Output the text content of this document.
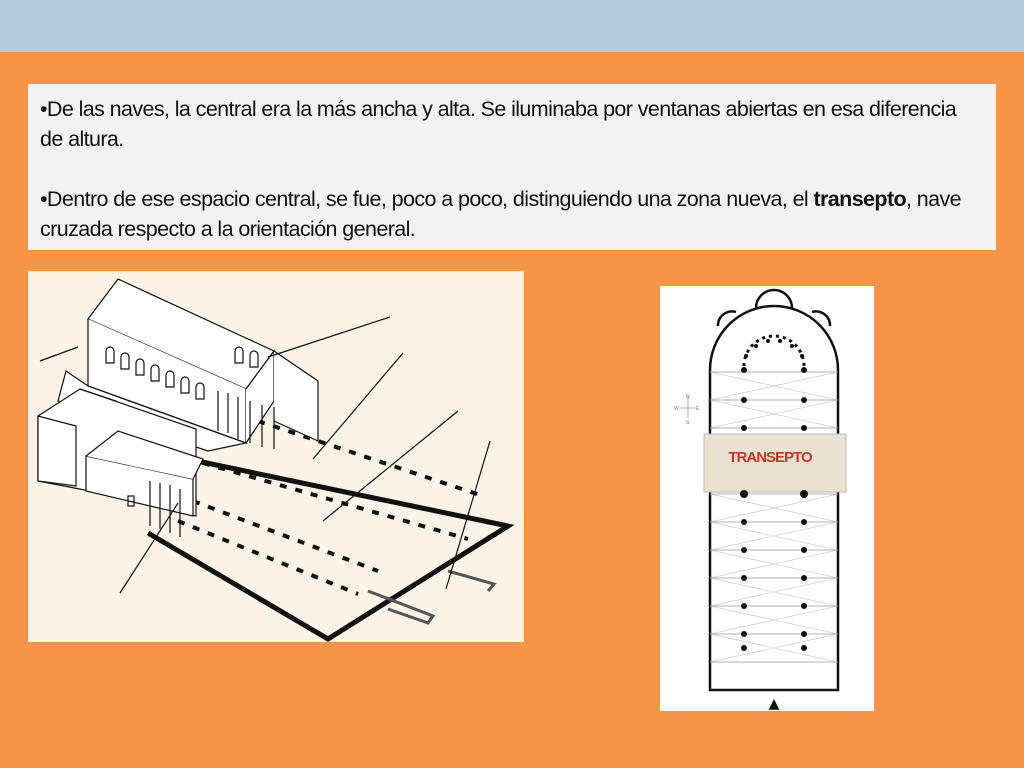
•De las naves, la central era la más ancha y alta. Se iluminaba por ventanas abiertas en esa diferencia de altura.

•Dentro de ese espacio central, se fue, poco a poco, distinguiendo una zona nueva, el transepto, nave cruzada respecto a la orientación general.

TRANSEPTO
N
S
E
W
▲
